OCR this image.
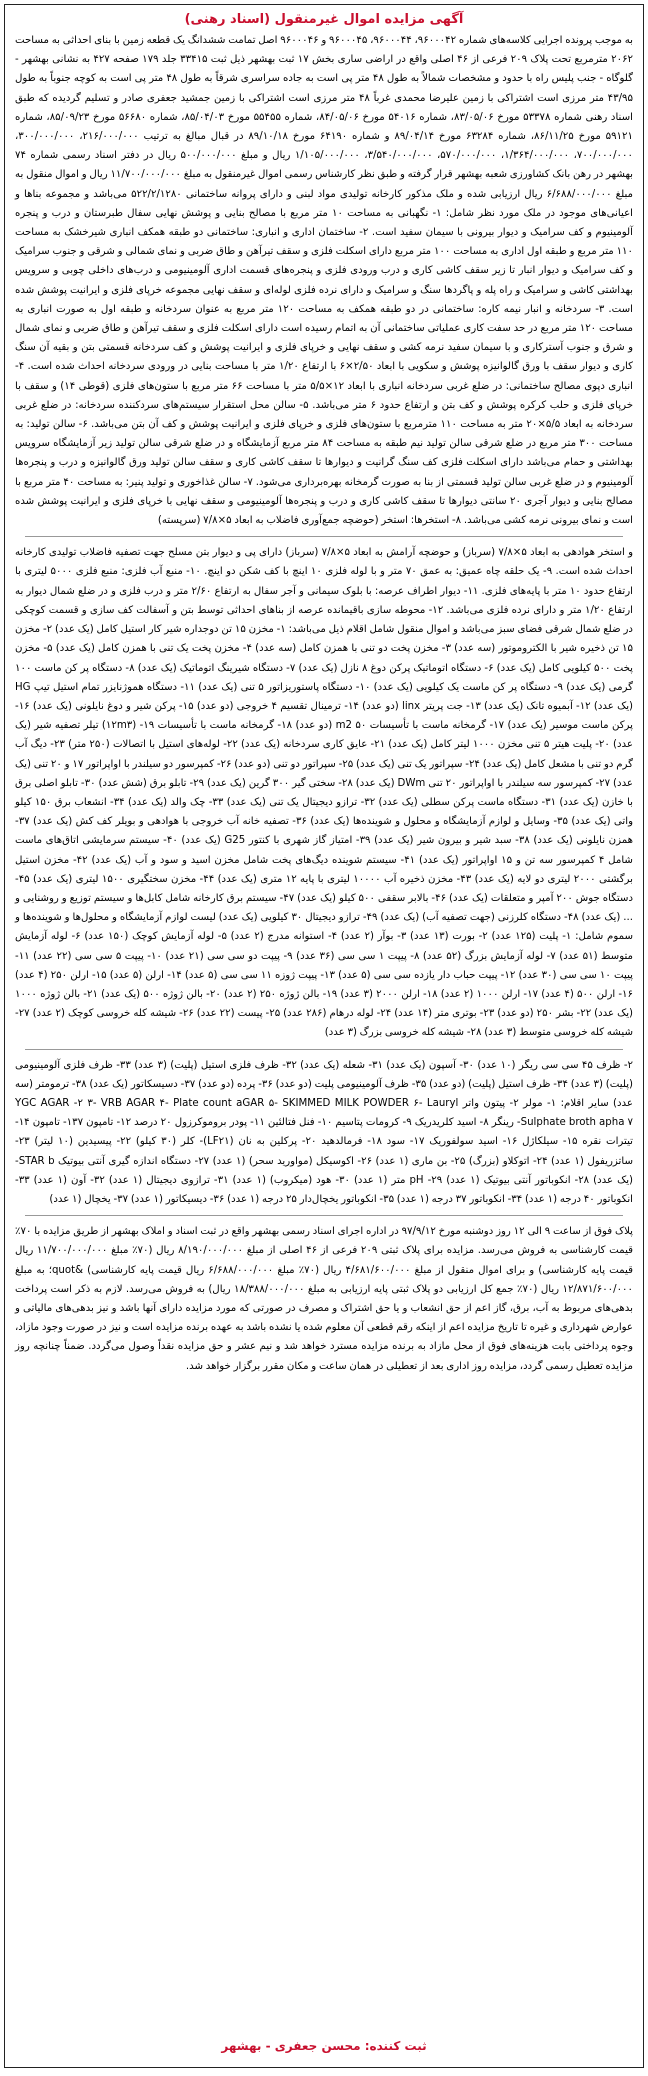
آگهی مزایده اموال غیرمنقول (اسناد رهنی)

به موجب پرونده اجرایی کلاسه‌های شماره ۹۶۰۰۰۴۲، ۹۶۰۰۰۴۴، ۹۶۰۰۰۴۵ و ۹۶۰۰۰۴۶ اصل تمامت ششدانگ یک قطعه زمین با بنای احداثی به مساحت ۲۰۶۲ مترمربع تحت پلاک ۲۰۹ فرعی از ۴۶ اصلی واقع در اراضی ساری بخش ۱۷ ثبت بهشهر ذیل ثبت ۳۳۴۱۵ جلد ۱۷۹ صفحه ۴۲۷ به نشانی بهشهر - گلوگاه - جنب پلیس راه با حدود و مشخصات شمالاً به طول ۴۸ متر پی است به جاده سراسری شرقاً به طول ۴۸ متر پی است به کوچه جنوباً به طول ۴۳/۹۵ متر مرزی است اشتراکی با زمین علیرضا محمدی غرباً ۴۸ متر مرزی است اشتراکی با زمین جمشید جعفری صادر و تسلیم گردیده که طبق اسناد رهنی شماره ۵۳۳۷۸ مورخ ۸۳/۰۵/۰۶، شماره ۵۴۰۱۶ مورخ ۸۴/۰۵/۰۶، شماره ۵۵۴۵۵ مورخ ۸۵/۰۴/۰۳، شماره ۵۶۶۸۰ مورخ ۸۵/۰۹/۲۳، شماره ۵۹۱۲۱ مورخ ۸۶/۱۱/۲۵، شماره ۶۳۲۸۴ مورخ ۸۹/۰۴/۱۴ و شماره ۶۴۱۹۰ مورخ ۸۹/۱۰/۱۸ در قبال مبالغ به ترتیب ۲۱۶/۰۰۰/۰۰۰، ۳۰۰/۰۰۰/۰۰۰، ۷۰۰/۰۰۰/۰۰۰، ۱/۳۶۴/۰۰۰/۰۰۰، ۵۷۰/۰۰۰/۰۰۰، ۳/۵۴۰/۰۰۰/۰۰۰، ۱/۱۰۵/۰۰۰/۰۰۰ ریال و مبلغ ۵۰۰/۰۰۰/۰۰۰ ریال در دفتر اسناد رسمی شماره ۷۴ بهشهر در رهن بانک کشاورزی شعبه بهشهر قرار گرفته و طبق نظر کارشناس رسمی اموال غیرمنقول به مبلغ ۱۱/۷۰۰/۰۰۰/۰۰۰ ریال و اموال منقول به مبلغ ۶/۶۸۸/۰۰۰/۰۰۰ ریال ارزیابی شده و ملک مذکور کارخانه تولیدی مواد لبنی و دارای پروانه ساختمانی ۵۲۲/۲/۱۲۸۰ می‌باشد و مجموعه بناها و اعیانی‌های موجود در ملک مورد نظر شامل: ۱- نگهبانی به مساحت ۱۰ متر مربع با مصالح بنایی و پوشش نهایی سفال طبرستان و درب و پنجره آلومینیوم و کف سرامیک و دیوار بیرونی با سیمان سفید است. ۲- ساختمان اداری و انباری: ساختمانی دو طبقه همکف انباری شیرخشک به مساحت ۱۱۰ متر مربع و طبقه اول اداری به مساحت ۱۰۰ متر مربع دارای اسکلت فلزی و سقف تیرآهن و طاق ضربی و نمای شمالی و شرقی و جنوب سرامیک و کف سرامیک و دیوار انبار تا زیر سقف کاشی کاری و درب ورودی فلزی و پنجره‌های قسمت اداری آلومینیومی و درب‌های داخلی چوبی و سرویس بهداشتی کاشی و سرامیک و راه پله و پاگردها سنگ و سرامیک و دارای نرده فلزی لوله‌ای و سقف نهایی مجموعه خرپای فلزی و ایرانیت پوشش شده است. ۳- سردخانه و انبار نیمه کاره: ساختمانی در دو طبقه همکف به مساحت ۱۲۰ متر مربع به عنوان سردخانه و طبقه اول به صورت انباری به مساحت ۱۲۰ متر مربع در حد سفت کاری عملیاتی ساختمانی آن به اتمام رسیده است دارای اسکلت فلزی و سقف تیرآهن و طاق ضربی و نمای شمال و شرق و جنوب آسترکاری و با سیمان سفید نرمه کشی و سقف نهایی و خرپای فلزی و ایرانیت پوشش و کف سردخانه قسمتی بتن و بقیه آن سنگ کاری و دیوار سقف با ورق گالوانیزه پوشش و سکویی با ابعاد ۲/۵۰×۶ با ارتفاع ۱/۲۰ متر با مساحت بنایی در ورودی سردخانه احداث شده است. ۴- انباری دپوی مصالح ساختمانی: در ضلع غربی سردخانه انباری با ابعاد ۱۲×۵/۵ متر با مساحت ۶۶ متر مربع با ستون‌های فلزی (قوطی ۱۴) و سقف با خرپای فلزی و حلب کرکره پوشش و کف بتن و ارتفاع حدود ۶ متر می‌باشد. ۵- سالن محل استقرار سیستم‌های سردکننده سردخانه: در ضلع غربی سردخانه به ابعاد ۵/۵×۲۰ متر به مساحت ۱۱۰ مترمربع با ستون‌های فلزی و خرپای فلزی و ایرانیت پوشش و کف آن بتن می‌باشد. ۶- سالن تولید: به مساحت ۳۰۰ متر مربع در ضلع شرقی سالن تولید نیم طبقه به مساحت ۸۴ متر مربع آزمایشگاه و در ضلع شرقی سالن تولید زیر آزمایشگاه سرویس بهداشتی و حمام می‌باشد دارای اسکلت فلزی کف سنگ گرانیت و دیوارها تا سقف کاشی کاری و سقف سالن تولید ورق گالوانیزه و درب و پنجره‌ها آلومینیوم و در ضلع غربی سالن تولید قسمتی از بنا به صورت گرمخانه بهره‌برداری می‌شود. ۷- سالن غذاخوری و تولید پنیر: به مساحت ۴۰ متر مربع با مصالح بنایی و دیوار آجری ۲۰ سانتی دیوارها تا سقف کاشی کاری و درب و پنجره‌ها آلومینیومی و سقف نهایی با خرپای فلزی و ایرانیت پوشش شده است و نمای بیرونی نرمه کشی می‌باشد. ۸- استخرها: استخر (حوضچه جمع‌آوری فاضلاب به ابعاد ۵×۷/۸ (سرپسته)

و استخر هوادهی به ابعاد ۵×۷/۸ (سرباز) و حوضچه آرامش به ابعاد ۵×۷/۸ (سرباز) دارای پی و دیوار بتن مسلح جهت تصفیه فاضلاب تولیدی کارخانه احداث شده است. ۹- یک حلقه چاه عمیق: به عمق ۷۰ متر و با لوله فلزی ۱۰ اینچ با کف شکن دو اینچ. ۱۰- منبع آب فلزی: منبع فلزی ۵۰۰۰ لیتری با ارتفاع حدود ۱۰ متر با پایه‌های فلزی. ۱۱- دیوار اطراف عرصه: با بلوک سیمانی و آجر سفال به ارتفاع ۲/۶۰ متر و درب فلزی و در ضلع شمال دیوار به ارتفاع ۱/۲۰ متر و دارای نرده فلزی می‌باشد. ۱۲- محوطه سازی باقیمانده عرصه از بناهای احداثی توسط بتن و آسفالت کف سازی و قسمت کوچکی در ضلع شمال شرقی فضای سبز می‌باشد و اموال منقول شامل اقلام ذیل می‌باشد: ۱- مخزن ۱۵ تن دوجداره شیر کار استیل کامل (یک عدد) ۲- مخزن ۱۵ تن ذخیره شیر با الکتروموتور (سه عدد) ۳- مخزن پخت دو تنی با همزن کامل (سه عدد) ۴- مخزن پخت یک تنی با همزن کامل (یک عدد) ۵- مخزن پخت ۵۰۰ کیلویی کامل (یک عدد) ۶- دستگاه اتوماتیک پرکن دوغ ۸ نازل (یک عدد) ۷- دستگاه شیرینگ اتوماتیک (یک عدد) ۸- دستگاه پر کن ماست ۱۰۰ گرمی (یک عدد) ۹- دستگاه پر کن ماست یک کیلویی (یک عدد) ۱۰- دستگاه پاستوریزاتور ۵ تنی (یک عدد) ۱۱- دستگاه هموژنایزر تمام استیل تیپ HG (یک عدد) ۱۲- آبمیوه تانک (یک عدد) ۱۳- جت پریتر linx (دو عدد) ۱۴- ترمینال تقسیم ۴ خروجی (دو عدد) ۱۵- پرکن شیر و دوغ نایلونی (یک عدد) ۱۶- پرکن ماست موسیر (یک عدد) ۱۷- گرمخانه ماست با تأسیسات ۵۰ m2 (دو عدد) ۱۸- گرمخانه ماست با تأسیسات ۱۹- (۱۲m۳) تیلر تصفیه شیر (یک عدد) ۲۰- پلیت هیتر ۵ تنی مخزن ۱۰۰۰ لیتر کامل (یک عدد) ۲۱- عایق کاری سردخانه (یک عدد) ۲۲- لوله‌های استیل با اتصالات (۲۵۰ متر) ۲۳- دیگ آب گرم دو تنی با مشعل کامل (یک عدد) ۲۴- سپراتور یک تنی (یک عدد) ۲۵- سپراتور دو تنی (دو عدد) ۲۶- کمپرسور دو سیلندر با اواپراتور ۱۷ و ۲۰ تنی (یک عدد) ۲۷- کمپرسور سه سیلندر با اواپراتور ۲۰ تنی DWm (یک عدد) ۲۸- سختی گیر ۳۰۰ گرین (یک عدد) ۲۹- تابلو برق (شش عدد) ۳۰- تابلو اصلی برق با خازن (یک عدد) ۳۱- دستگاه ماست پرکن سطلی (یک عدد) ۳۲- ترازو دیجیتال یک تنی (یک عدد) ۳۳- چک والد (یک عدد) ۳۴- انشعاب برق ۱۵۰ کیلو واتی (یک عدد) ۳۵- وسایل و لوازم آزمایشگاه و محلول و شوینده‌ها (یک عدد) ۳۶- تصفیه خانه آب خروجی با هوادهی و بویلر کف کش (یک عدد) ۳۷- همزن نایلونی (یک عدد) ۳۸- سبد شیر و بیرون شیر (یک عدد) ۳۹- امتیاز گاز شهری با کنتور G25 (یک عدد) ۴۰- سیستم سرمایشی اتاق‌های ماست شامل ۴ کمپرسور سه تن و ۱۵ اواپراتور (یک عدد) ۴۱- سیستم شوینده دیگ‌های پخت شامل مخزن اسید و سود و آب (یک عدد) ۴۲- مخزن استیل برگشتی ۲۰۰۰ لیتری دو لایه (یک عدد) ۴۳- مخزن ذخیره آب ۱۰۰۰۰ لیتری با پایه ۱۲ متری (یک عدد) ۴۴- مخزن سختگیری ۱۵۰۰ لیتری (یک عدد) ۴۵- دستگاه جوش ۲۰۰ آمپر و متعلقات (یک عدد) ۴۶- بالابر سقفی ۵۰۰ کیلو (یک عدد) ۴۷- سیستم برق کارخانه شامل کابل‌ها و سیستم توزیع و روشنایی و ... (یک عدد) ۴۸- دستگاه کلرزنی (جهت تصفیه آب) (یک عدد) ۴۹- ترازو دیجیتال ۳۰ کیلویی (یک عدد) لیست لوازم آزمایشگاه و محلول‌ها و شوینده‌ها و سموم شامل: ۱- پلیت (۱۲۵ عدد) ۲- بورت (۱۳ عدد) ۳- بوآر (۲ عدد) ۴- استوانه مدرج (۲ عدد) ۵- لوله آزمایش کوچک (۱۵۰ عدد) ۶- لوله آزمایش متوسط (۵۱ عدد) ۷- لوله آزمایش بزرگ (۵۲ عدد) ۸- پیپت ۱ سی سی (۳۶ عدد) ۹- پیپت دو سی سی (۲۱ عدد) ۱۰- پیپت ۵ سی سی (۲۲ عدد) ۱۱- پیپت ۱۰ سی سی (۳۰ عدد) ۱۲- پیپت حباب دار یازده سی سی (۵ عدد) ۱۳- پیپت ژوزه ۱۱ سی سی (۵ عدد) ۱۴- ارلن (۵ عدد) ۱۵- ارلن ۲۵۰ (۴ عدد) ۱۶- ارلن ۵۰۰ (۴ عدد) ۱۷- ارلن ۱۰۰۰ (۲ عدد) ۱۸- ارلن ۲۰۰۰ (۳ عدد) ۱۹- بالن ژوژه ۲۵۰ (۲ عدد) ۲۰- بالن ژوژه ۵۰۰ (یک عدد) ۲۱- بالن ژوژه ۱۰۰۰ (یک عدد) ۲۲- بشر ۲۵۰ (دو عدد) ۲۳- بوتری متر (۱۴ عدد) ۲۴- لوله درهام (۲۸۶ عدد) ۲۵- پیست (۲۲ عدد) ۲۶- شیشه کله خروسی کوچک (۲ عدد) ۲۷- شیشه کله خروسی متوسط (۳ عدد) ۲۸- شیشه کله خروسی بزرگ (۳ عدد)

۲- ظرف ۴۵ سی سی ریگر (۱۰ عدد) ۳۰- آسپون (یک عدد) ۳۱- شعله (یک عدد) ۳۲- ظرف فلزی استیل (پلیت) (۳ عدد) ۳۳- ظرف فلزی آلومینیومی (پلیت) (۳ عدد) ۳۴- ظرف استیل (پلیت) (دو عدد) ۳۵- ظرف آلومینیومی پلیت (دو عدد) ۳۶- پرده (دو عدد) ۳۷- دسیسکاتور (یک عدد) ۳۸- ترمومتر (سه عدد) سایر اقلام: ۱- مولر ۲- پیتون واتر YGC AGAR -۲ ۳- VRB AGAR ۴- Plate count aGAR ۵- SKIMMED MILK POWDER ۶- Lauryl Sulphate broth apha ۷- رینگر ۸- اسید کلریدریک ۹- کرومات پتاسیم ۱۰- فنل فتالئین ۱۱- پودر بروموکرزول ۲۰ درصد ۱۲- تامپون ۱۳۷- تامپون ۱۴- تیترات نقره ۱۵- سیلکاژل ۱۶- اسید سولفوریک ۱۷- سود ۱۸- فرمالدهید ۲۰- پرکلین به نان (LF۲۱)- کلر (۳۰ کیلو) ۲۲- پیسیدین (۱۰ لیتر) ۲۳- ساتزریفول (۱ عدد) ۲۴- اتوکلاو (بزرگ) ۲۵- بن ماری (۱ عدد) ۲۶- اکوسیکل (مواورید سحر) (۱ عدد) ۲۷- دستگاه اندازه گیری آنتی بیوتیک STAR b- (یک عدد) ۲۸- انکوباتور آنتی بیوتیک (۱ عدد) ۲۹- pH متر (۱ عدد) ۳۰- هود (میکروب) (۱ عدد) ۳۱- ترازوی دیجیتال (۱ عدد) ۳۲- آون (۱ عدد) ۳۳- انکوباتور ۴۰ درجه (۱ عدد) ۳۴- انکوباتور ۳۷ درجه (۱ عدد) ۳۵- انکوباتور یخچال‌دار ۲۵ درجه (۱ عدد) ۳۶- دیسیکاتور (۱ عدد) ۳۷- یخچال (۱ عدد)

پلاک فوق از ساعت ۹ الی ۱۲ روز دوشنبه مورخ ۹۷/۹/۱۲ در اداره اجرای اسناد رسمی بهشهر واقع در ثبت اسناد و املاک بهشهر از طریق مزایده با ۷۰٪ قیمت کارشناسی به فروش می‌رسد. مزایده برای پلاک ثبتی ۲۰۹ فرعی از ۴۶ اصلی از مبلغ ۸/۱۹۰/۰۰۰/۰۰۰ ریال (۷۰٪ مبلغ ۱۱/۷۰۰/۰۰۰/۰۰۰ ریال قیمت پایه کارشناسی) و برای اموال منقول از مبلغ ۴/۶۸۱/۶۰۰/۰۰۰ ریال (۷۰٪ مبلغ ۶/۶۸۸/۰۰۰/۰۰۰ ریال قیمت پایه کارشناسی) &quot؛ به مبلغ ۱۲/۸۷۱/۶۰۰/۰۰۰ ریال (۷۰٪ جمع کل ارزیابی دو پلاک ثبتی پایه ارزیابی به مبلغ ۱۸/۳۸۸/۰۰۰/۰۰۰ ریال) به فروش می‌رسد. لازم به ذکر است پرداخت بدهی‌های مربوط به آب، برق، گاز اعم از حق انشعاب و یا حق اشتراک و مصرف در صورتی که مورد مزایده دارای آنها باشد و نیز بدهی‌های مالیاتی و عوارض شهرداری و غیره تا تاریخ مزایده اعم از اینکه رقم قطعی آن معلوم شده یا نشده باشد به عهده برنده مزایده است و نیز در صورت وجود مازاد، وجوه پرداختی بابت هزینه‌های فوق از محل مازاد به برنده مزایده مسترد خواهد شد و نیم عشر و حق مزایده نقداً وصول می‌گردد. ضمناً چنانچه روز مزایده تعطیل رسمی گردد، مزایده روز اداری بعد از تعطیلی در همان ساعت و مکان مقرر برگزار خواهد شد.

ثبت کننده: محسن جعفری - بهشهر
